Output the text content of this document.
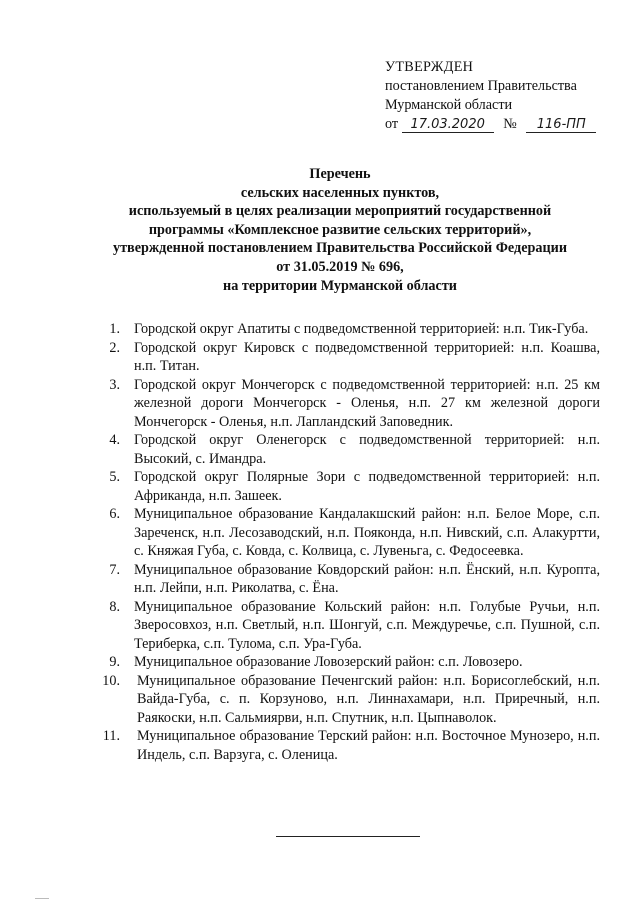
УТВЕРЖДЕН
постановлением Правительства
Мурманской области
от 17.03.2020 № 116-ПП
Перечень
сельских населенных пунктов,
используемый в целях реализации мероприятий государственной
программы «Комплексное развитие сельских территорий»,
утвержденной постановлением Правительства Российской Федерации
от 31.05.2019 № 696,
на территории Мурманской области
1. Городской округ Апатиты с подведомственной территорией: н.п. Тик-Губа.
2. Городской округ Кировск с подведомственной территорией: н.п. Коашва, н.п. Титан.
3. Городской округ Мончегорск с подведомственной территорией: н.п. 25 км железной дороги Мончегорск - Оленья, н.п. 27 км железной дороги Мончегорск - Оленья, н.п. Лапландский Заповедник.
4. Городской округ Оленегорск с подведомственной территорией: н.п. Высокий, с. Имандра.
5. Городской округ Полярные Зори с подведомственной территорией: н.п. Африканда, н.п. Зашеек.
6. Муниципальное образование Кандалакшский район: н.п. Белое Море, с.п. Зареченск, н.п. Лесозаводский, н.п. Пояконда, н.п. Нивский, с.п. Алакуртти, с. Княжая Губа, с. Ковда, с. Колвица, с. Лувеньга, с. Федосеевка.
7. Муниципальное образование Ковдорский район: н.п. Ёнский, н.п. Куропта, н.п. Лейпи, н.п. Риколатва, с. Ёна.
8. Муниципальное образование Кольский район: н.п. Голубые Ручьи, н.п. Зверосовхоз, н.п. Светлый, н.п. Шонгуй, с.п. Междуречье, с.п. Пушной, с.п. Териберка, с.п. Тулома, с.п. Ура-Губа.
9. Муниципальное образование Ловозерский район: с.п. Ловозеро.
10. Муниципальное образование Печенгский район: н.п. Борисоглебский, н.п. Вайда-Губа, с. п. Корзуново, н.п. Линнахамари, н.п. Приречный, н.п. Раякоски, н.п. Сальмиярви, н.п. Спутник, н.п. Цыпнаволок.
11. Муниципальное образование Терский район: н.п. Восточное Мунозеро, н.п. Индель, с.п. Варзуга, с. Оленица.
